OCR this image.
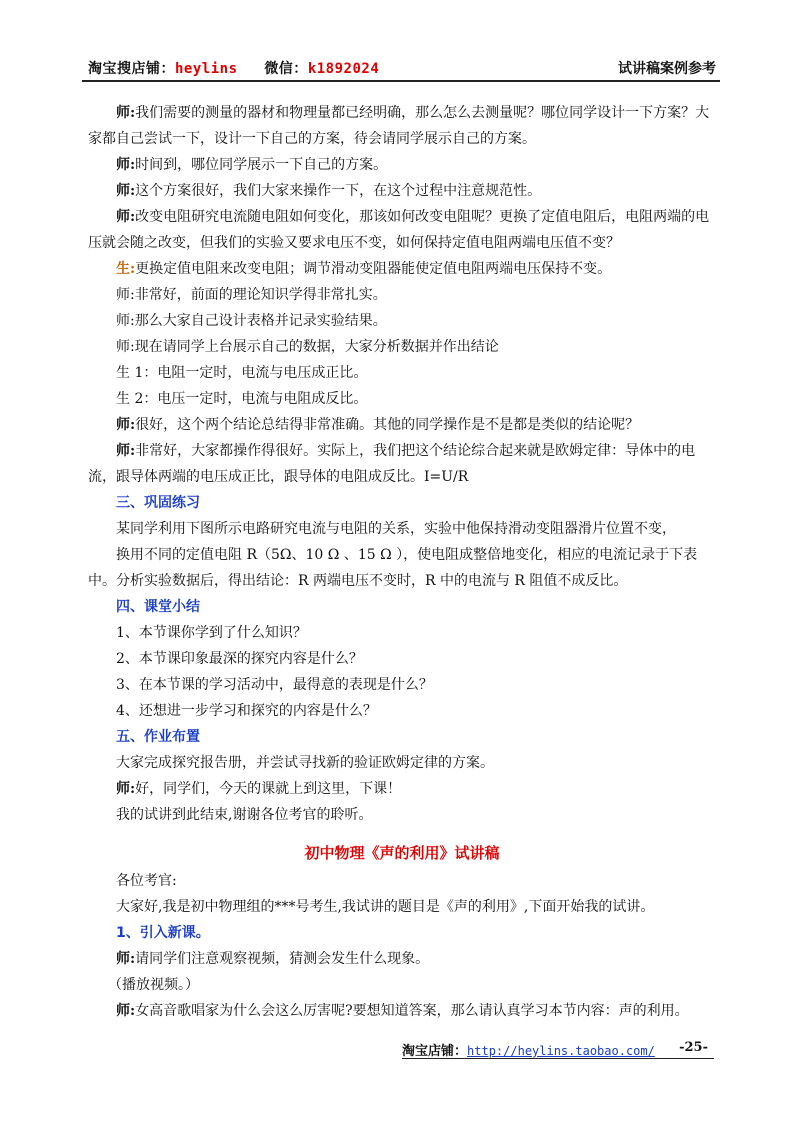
淘宝搜店铺：heylins 微信：k1892024	试讲稿案例参考

师:我们需要的测量的器材和物理量都已经明确，那么怎么去测量呢？哪位同学设计一下方案？大家都自己尝试一下，设计一下自己的方案，待会请同学展示自己的方案。

师:时间到，哪位同学展示一下自己的方案。

师:这个方案很好，我们大家来操作一下，在这个过程中注意规范性。

师:改变电阻研究电流随电阻如何变化，那该如何改变电阻呢？更换了定值电阻后，电阻两端的电压就会随之改变，但我们的实验又要求电压不变，如何保持定值电阻两端电压值不变？

生:更换定值电阻来改变电阻；调节滑动变阻器能使定值电阻两端电压保持不变。

师:非常好，前面的理论知识学得非常扎实。

师:那么大家自己设计表格并记录实验结果。

师:现在请同学上台展示自己的数据，大家分析数据并作出结论

生 1：电阻一定时，电流与电压成正比。

生 2：电压一定时，电流与电阻成反比。

师:很好，这个两个结论总结得非常准确。其他的同学操作是不是都是类似的结论呢？

师:非常好，大家都操作得很好。实际上，我们把这个结论综合起来就是欧姆定律：导体中的电流，跟导体两端的电压成正比，跟导体的电阻成反比。I=U/R

三、巩固练习

某同学利用下图所示电路研究电流与电阻的关系，实验中他保持滑动变阻器滑片位置不变，

换用不同的定值电阻 R（5Ω、10 Ω 、15 Ω ），使电阻成整倍地变化，相应的电流记录于下表中。分析实验数据后，得出结论：R 两端电压不变时，R 中的电流与 R 阻值不成反比。

四、课堂小结

1、本节课你学到了什么知识？

2、本节课印象最深的探究内容是什么？

3、在本节课的学习活动中，最得意的表现是什么？

4、还想进一步学习和探究的内容是什么？

五、作业布置

大家完成探究报告册，并尝试寻找新的验证欧姆定律的方案。

师:好，同学们，今天的课就上到这里，下课！

我的试讲到此结束,谢谢各位考官的聆听。

初中物理《声的利用》试讲稿

各位考官:

大家好,我是初中物理组的***号考生,我试讲的题目是《声的利用》,下面开始我的试讲。

1、引入新课。

师:请同学们注意观察视频，猜测会发生什么现象。

（播放视频。）

师:女高音歌唱家为什么会这么厉害呢?要想知道答案，那么请认真学习本节内容：声的利用。

淘宝店铺：http://heylins.taobao.com/ -25-
